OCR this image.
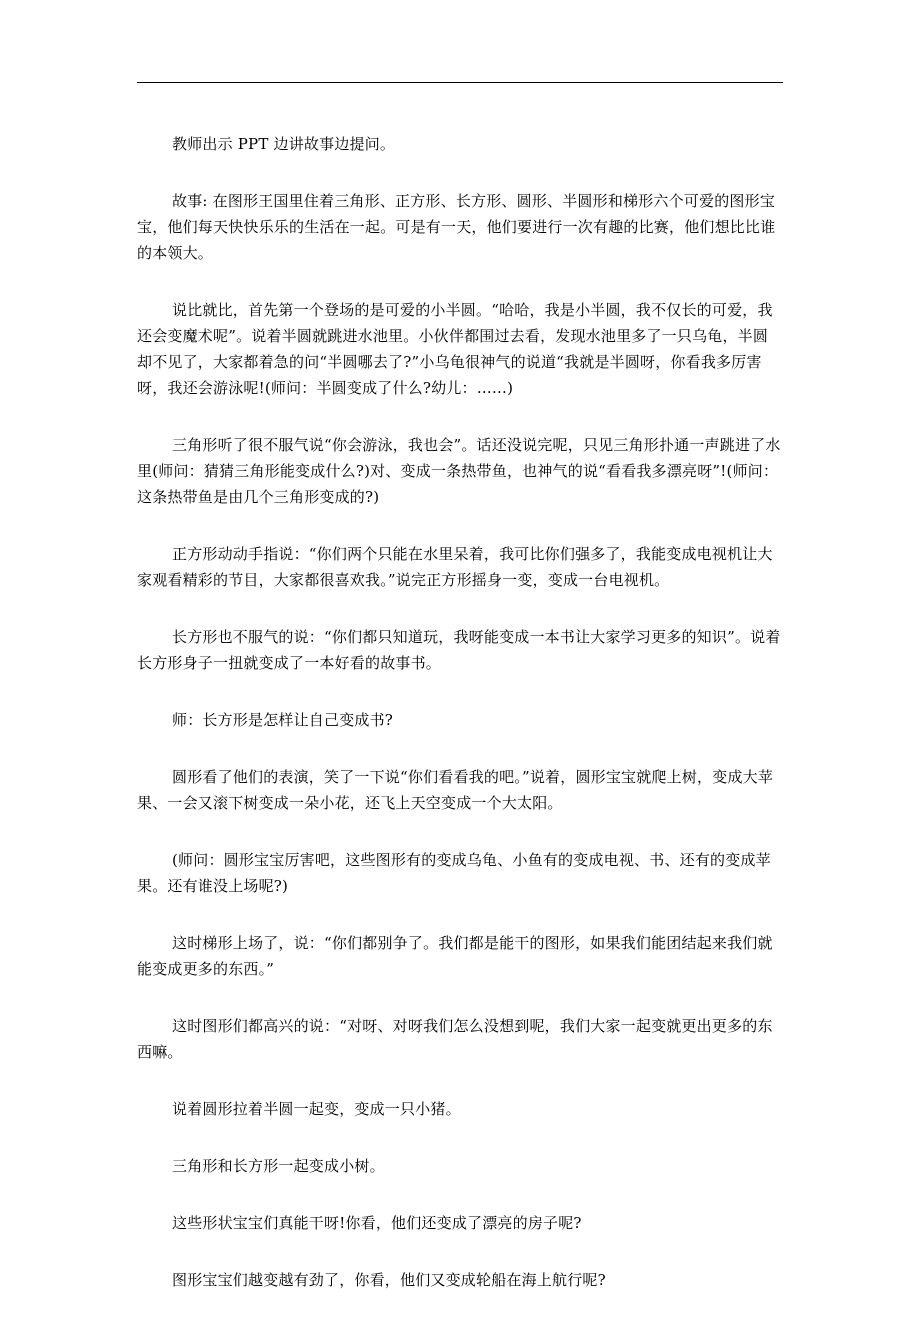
教师出示 PPT 边讲故事边提问。

故事: 在图形王国里住着三角形、正方形、长方形、圆形、半圆形和梯形六个可爱的图形宝宝，他们每天快快乐乐的生活在一起。可是有一天，他们要进行一次有趣的比赛，他们想比比谁的本领大。

说比就比，首先第一个登场的是可爱的小半圆。“哈哈，我是小半圆，我不仅长的可爱，我还会变魔术呢”。说着半圆就跳进水池里。小伙伴都围过去看，发现水池里多了一只乌龟，半圆却不见了，大家都着急的问“半圆哪去了?”小乌龟很神气的说道“我就是半圆呀，你看我多厉害呀，我还会游泳呢!(师问：半圆变成了什么?幼儿：……)

三角形听了很不服气说“你会游泳，我也会”。话还没说完呢，只见三角形扑通一声跳进了水里(师问：猜猜三角形能变成什么?)对、变成一条热带鱼，也神气的说“看看我多漂亮呀”!(师问：这条热带鱼是由几个三角形变成的?)

正方形动动手指说：“你们两个只能在水里呆着，我可比你们强多了，我能变成电视机让大家观看精彩的节目，大家都很喜欢我。”说完正方形摇身一变，变成一台电视机。

长方形也不服气的说：“你们都只知道玩，我呀能变成一本书让大家学习更多的知识”。说着长方形身子一扭就变成了一本好看的故事书。

师：长方形是怎样让自己变成书?

圆形看了他们的表演，笑了一下说“你们看看我的吧。”说着，圆形宝宝就爬上树，变成大苹果、一会又滚下树变成一朵小花，还飞上天空变成一个大太阳。

(师问：圆形宝宝厉害吧，这些图形有的变成乌龟、小鱼有的变成电视、书、还有的变成苹果。还有谁没上场呢?)

这时梯形上场了，说：“你们都别争了。我们都是能干的图形，如果我们能团结起来我们就能变成更多的东西。”

这时图形们都高兴的说：“对呀、对呀我们怎么没想到呢，我们大家一起变就更出更多的东西嘛。

说着圆形拉着半圆一起变，变成一只小猪。

三角形和长方形一起变成小树。

这些形状宝宝们真能干呀!你看，他们还变成了漂亮的房子呢?

图形宝宝们越变越有劲了，你看，他们又变成轮船在海上航行呢?
